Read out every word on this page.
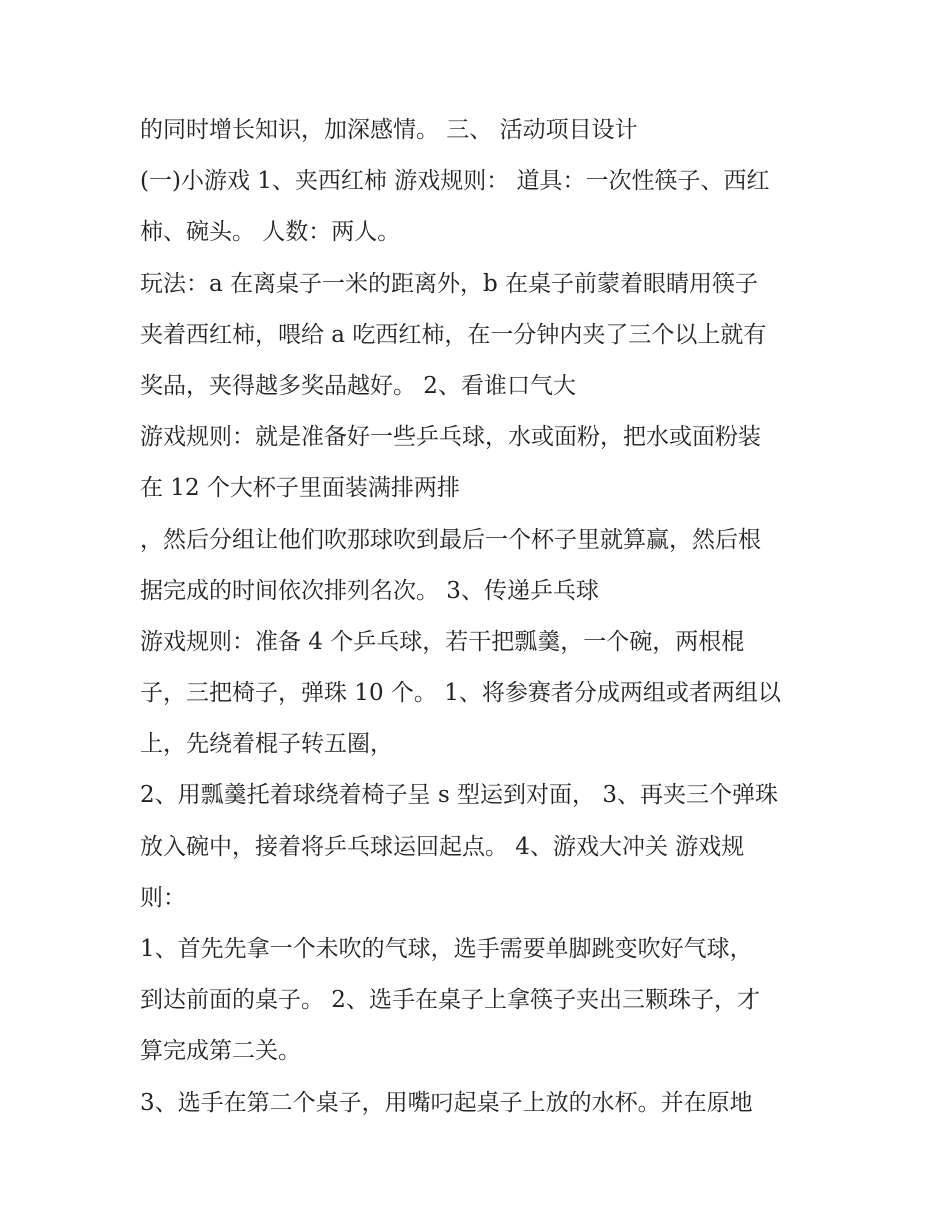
的同时增长知识，加深感情。 三、 活动项目设计
(一)小游戏 1、夹西红柿 游戏规则： 道具：一次性筷子、西红
柿、碗头。 人数：两人。
玩法：a 在离桌子一米的距离外，b 在桌子前蒙着眼睛用筷子
夹着西红柿，喂给 a 吃西红柿，在一分钟内夹了三个以上就有
奖品，夹得越多奖品越好。 2、看谁口气大
游戏规则：就是准备好一些乒乓球，水或面粉，把水或面粉装
在 12 个大杯子里面装满排两排
，然后分组让他们吹那球吹到最后一个杯子里就算赢，然后根
据完成的时间依次排列名次。 3、传递乒乓球
游戏规则：准备 4 个乒乓球，若干把瓢羹，一个碗，两根棍
子，三把椅子，弹珠 10 个。 1、将参赛者分成两组或者两组以
上，先绕着棍子转五圈，
2、用瓢羹托着球绕着椅子呈 s 型运到对面， 3、再夹三个弹珠
放入碗中，接着将乒乓球运回起点。 4、游戏大冲关 游戏规
则：
1、首先先拿一个未吹的气球，选手需要单脚跳变吹好气球，
到达前面的桌子。 2、选手在桌子上拿筷子夹出三颗珠子，才
算完成第二关。
3、选手在第二个桌子，用嘴叼起桌子上放的水杯。并在原地
